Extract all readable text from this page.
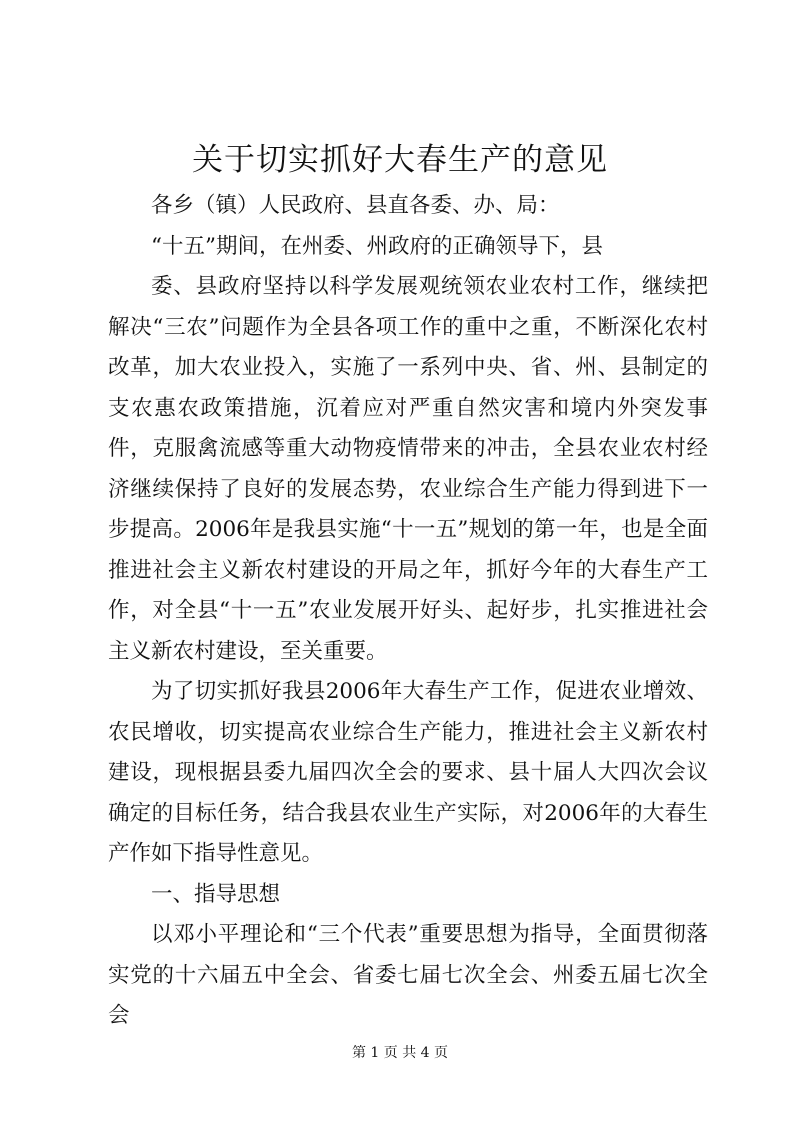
关于切实抓好大春生产的意见

各乡（镇）人民政府、县直各委、办、局：

“十五”期间，在州委、州政府的正确领导下，县

委、县政府坚持以科学发展观统领农业农村工作，继续把解决“三农”问题作为全县各项工作的重中之重，不断深化农村改革，加大农业投入，实施了一系列中央、省、州、县制定的支农惠农政策措施，沉着应对严重自然灾害和境内外突发事件，克服禽流感等重大动物疫情带来的冲击，全县农业农村经济继续保持了良好的发展态势，农业综合生产能力得到进下一步提高。2006年是我县实施“十一五”规划的第一年，也是全面推进社会主义新农村建设的开局之年，抓好今年的大春生产工作，对全县“十一五”农业发展开好头、起好步，扎实推进社会主义新农村建设，至关重要。

为了切实抓好我县2006年大春生产工作，促进农业增效、农民增收，切实提高农业综合生产能力，推进社会主义新农村建设，现根据县委九届四次全会的要求、县十届人大四次会议确定的目标任务，结合我县农业生产实际，对2006年的大春生产作如下指导性意见。

一、指导思想

以邓小平理论和“三个代表”重要思想为指导，全面贯彻落实党的十六届五中全会、省委七届七次全会、州委五届七次全会

第 1 页 共 4 页
